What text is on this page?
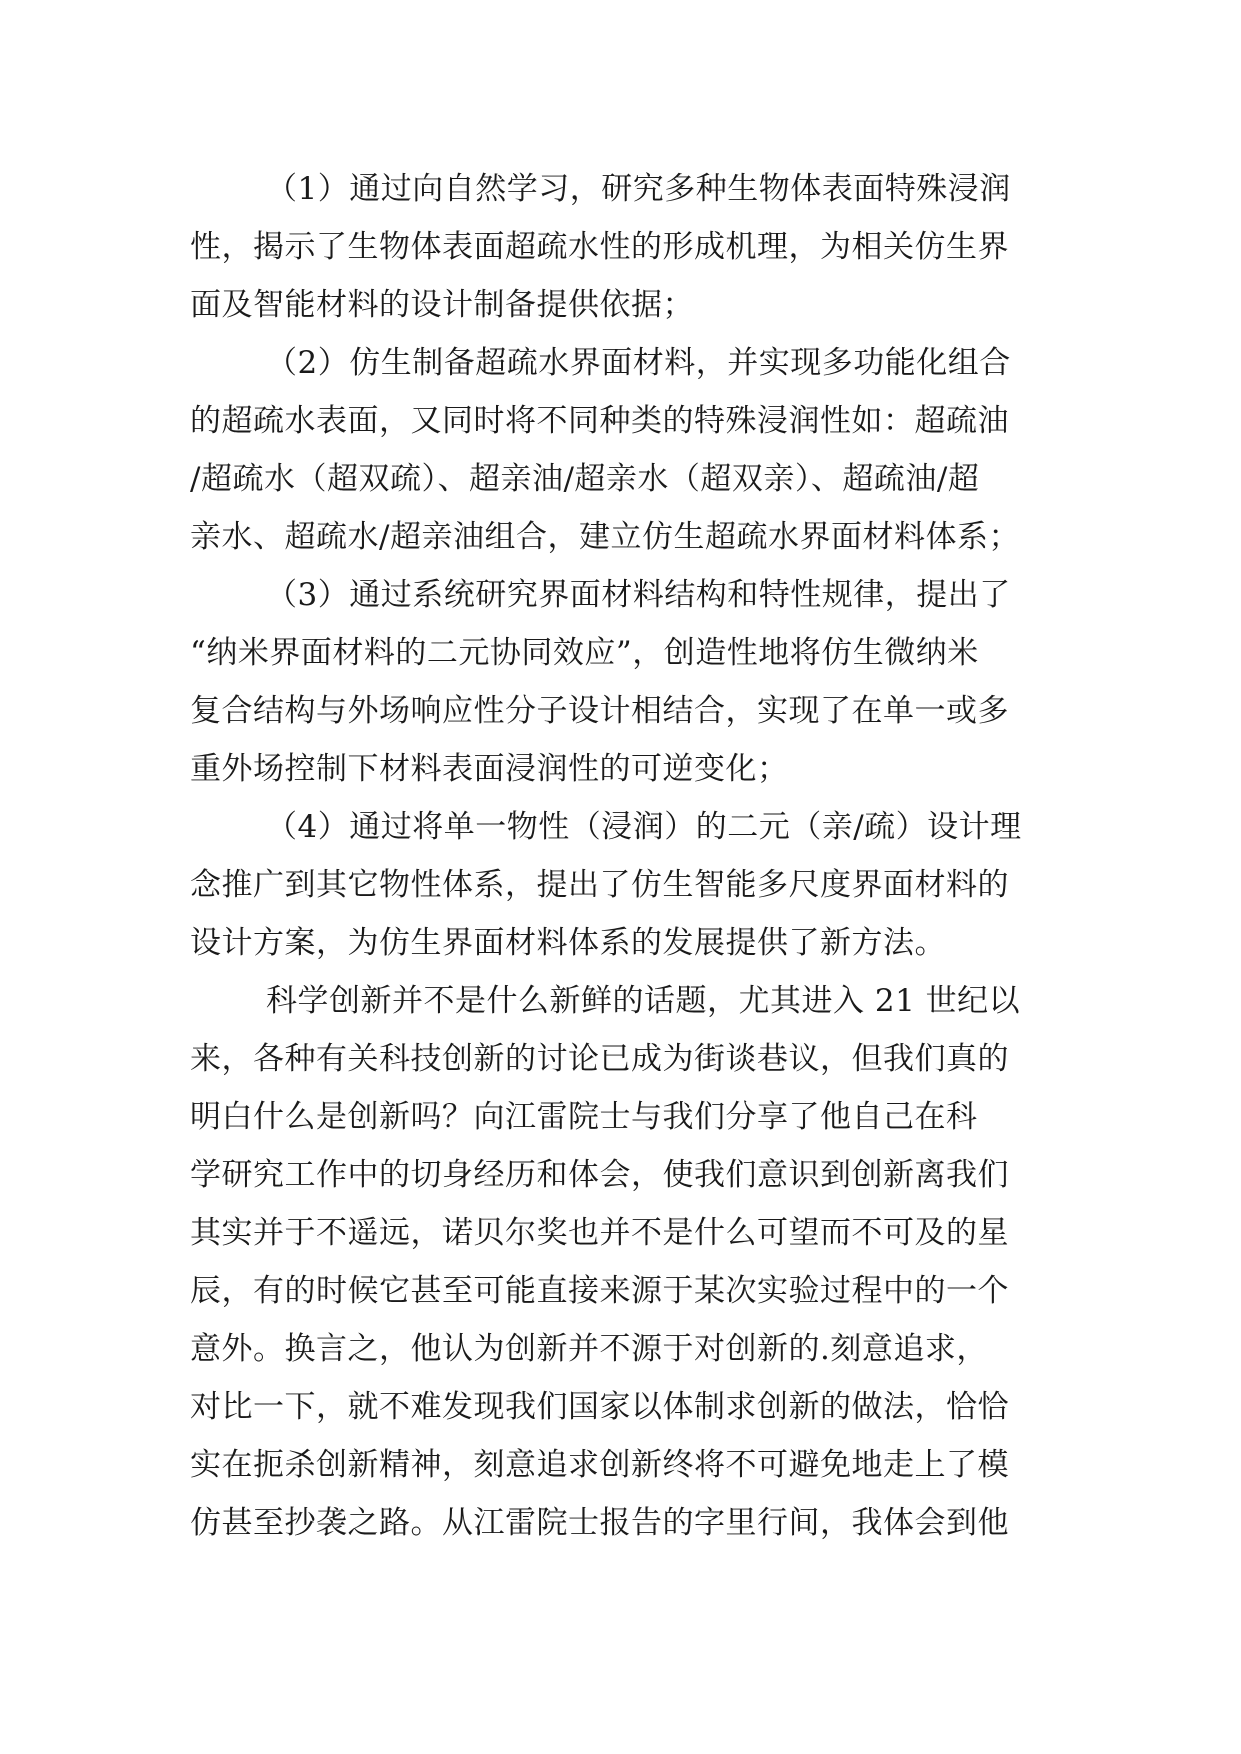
（1）通过向自然学习，研究多种生物体表面特殊浸润
性，揭示了生物体表面超疏水性的形成机理，为相关仿生界
面及智能材料的设计制备提供依据；
（2）仿生制备超疏水界面材料，并实现多功能化组合
的超疏水表面，又同时将不同种类的特殊浸润性如：超疏油
/超疏水（超双疏）、超亲油/超亲水（超双亲）、超疏油/超
亲水、超疏水/超亲油组合，建立仿生超疏水界面材料体系；
（3）通过系统研究界面材料结构和特性规律，提出了
“纳米界面材料的二元协同效应”，创造性地将仿生微纳米
复合结构与外场响应性分子设计相结合，实现了在单一或多
重外场控制下材料表面浸润性的可逆变化；
（4）通过将单一物性（浸润）的二元（亲/疏）设计理
念推广到其它物性体系，提出了仿生智能多尺度界面材料的
设计方案，为仿生界面材料体系的发展提供了新方法。
科学创新并不是什么新鲜的话题，尤其进入 21 世纪以
来，各种有关科技创新的讨论已成为街谈巷议，但我们真的
明白什么是创新吗？向江雷院士与我们分享了他自己在科
学研究工作中的切身经历和体会，使我们意识到创新离我们
其实并于不遥远，诺贝尔奖也并不是什么可望而不可及的星
辰，有的时候它甚至可能直接来源于某次实验过程中的一个
意外。换言之，他认为创新并不源于对创新的.刻意追求，
对比一下，就不难发现我们国家以体制求创新的做法，恰恰
实在扼杀创新精神，刻意追求创新终将不可避免地走上了模
仿甚至抄袭之路。从江雷院士报告的字里行间，我体会到他
